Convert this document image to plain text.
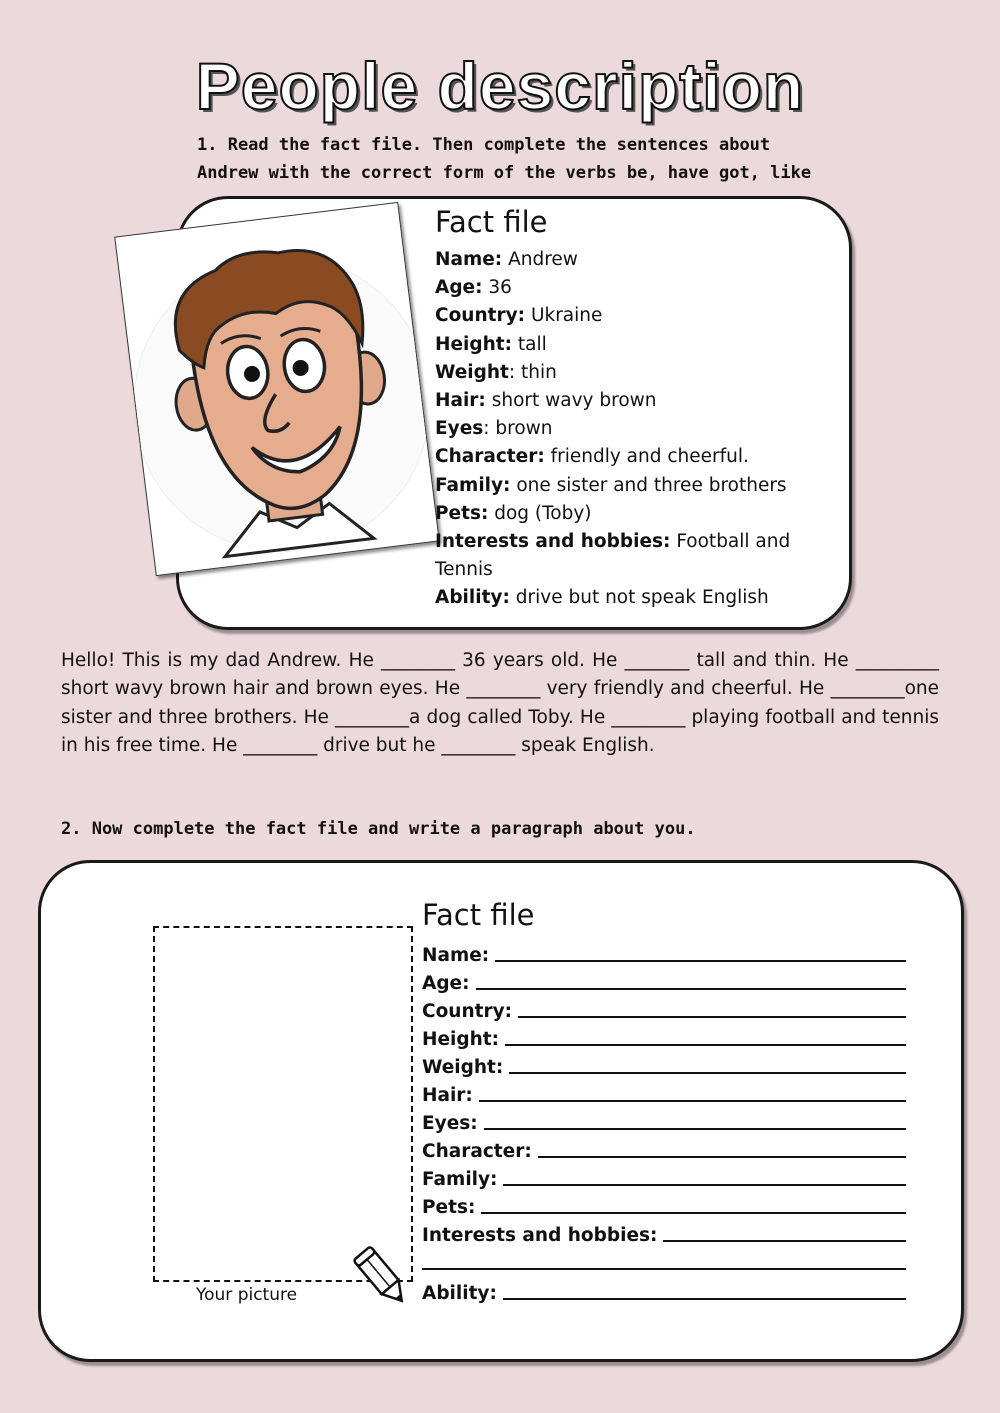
People description
1. Read the fact file. Then complete the sentences about
Andrew with the correct form of the verbs be, have got, like
Fact file
Name: Andrew
Age: 36
Country: Ukraine
Height: tall
Weight: thin
Hair: short wavy brown
Eyes: brown
Character: friendly and cheerful.
Family: one sister and three brothers
Pets: dog (Toby)
Interests and hobbies: Football and
Tennis
Ability: drive but not speak English
Hello! This is my dad Andrew. He ________ 36 years old. He _______ tall and thin. He _________ short wavy brown hair and brown eyes. He ________ very friendly and cheerful. He ________one sister and three brothers. He ________a dog called Toby. He ________ playing football and tennis in his free time. He ________ drive but he ________ speak English.
2. Now complete the fact file and write a paragraph about you.
Your picture
Fact file
Name:
Age:
Country:
Height:
Weight:
Hair:
Eyes:
Character:
Family:
Pets:
Interests and hobbies:
Ability:
